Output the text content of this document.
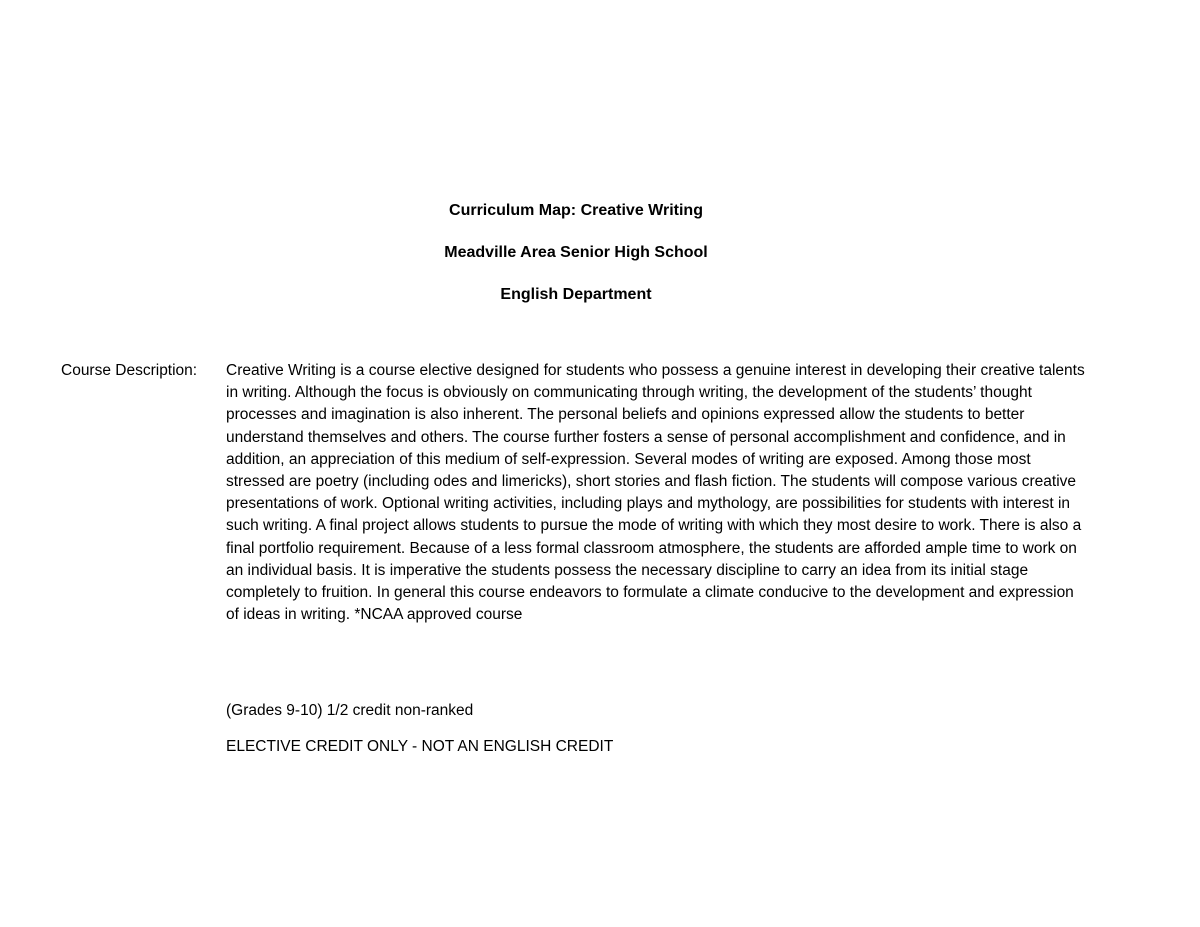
Curriculum Map: Creative Writing
Meadville Area Senior High School
English Department
Course Description: Creative Writing is a course elective designed for students who possess a genuine interest in developing their creative talents in writing. Although the focus is obviously on communicating through writing, the development of the students’ thought processes and imagination is also inherent. The personal beliefs and opinions expressed allow the students to better understand themselves and others. The course further fosters a sense of personal accomplishment and confidence, and in addition, an appreciation of this medium of self-expression. Several modes of writing are exposed. Among those most stressed are poetry (including odes and limericks), short stories and flash fiction. The students will compose various creative presentations of work. Optional writing activities, including plays and mythology, are possibilities for students with interest in such writing. A final project allows students to pursue the mode of writing with which they most desire to work. There is also a final portfolio requirement. Because of a less formal classroom atmosphere, the students are afforded ample time to work on an individual basis. It is imperative the students possess the necessary discipline to carry an idea from its initial stage completely to fruition. In general this course endeavors to formulate a climate conducive to the development and expression of ideas in writing. *NCAA approved course

(Grades 9-10) 1/2 credit non-ranked
ELECTIVE CREDIT ONLY - NOT AN ENGLISH CREDIT
